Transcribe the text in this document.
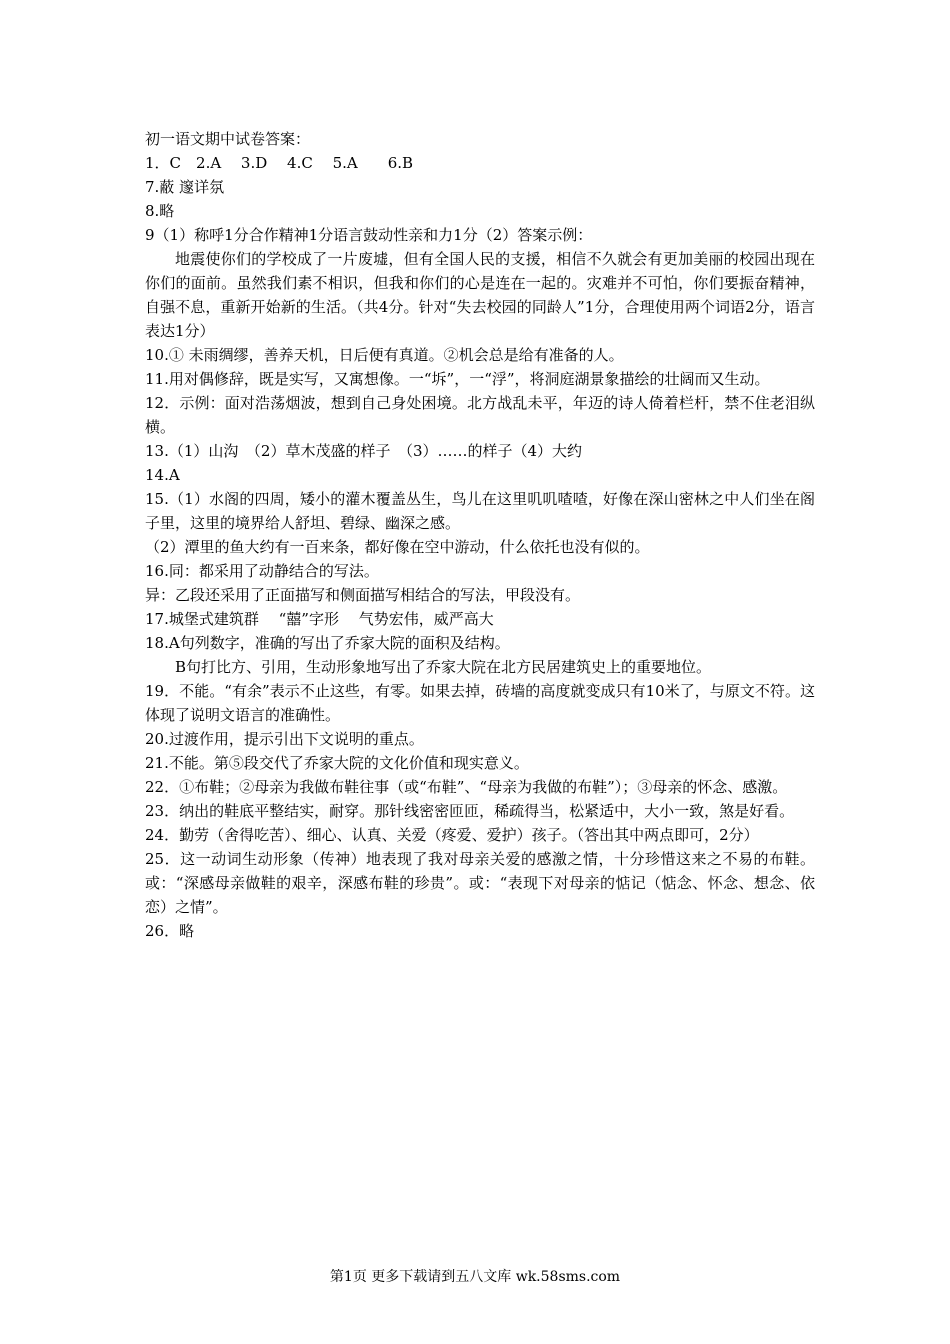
初一语文期中试卷答案：
1．C　2.A　 3.D　 4.C　 5.A　　6.B
7.蔽 邃详氛
8.略
9（1）称呼1分合作精神1分语言鼓动性亲和力1分（2）答案示例：
地震使你们的学校成了一片废墟，但有全国人民的支援，相信不久就会有更加美丽的校园出现在你们的面前。虽然我们素不相识，但我和你们的心是连在一起的。灾难并不可怕，你们要振奋精神，自强不息，重新开始新的生活。（共4分。针对“失去校园的同龄人”1分，合理使用两个词语2分，语言表达1分）
10.① 未雨绸缪，善养天机，日后便有真道。②机会总是给有准备的人。
11.用对偶修辞，既是实写，又寓想像。一“坼”，一“浮”，将洞庭湖景象描绘的壮阔而又生动。
12．示例：面对浩荡烟波，想到自己身处困境。北方战乱未平，年迈的诗人倚着栏杆，禁不住老泪纵横。
13.（1）山沟　（2）草木茂盛的样子　（3）……的样子（4）大约
14.A
15.（1）水阁的四周，矮小的灌木覆盖丛生，鸟儿在这里叽叽喳喳，好像在深山密林之中人们坐在阁子里，这里的境界给人舒坦、碧绿、幽深之感。
（2）潭里的鱼大约有一百来条，都好像在空中游动，什么依托也没有似的。
16.同：都采用了动静结合的写法。
异：乙段还采用了正面描写和侧面描写相结合的写法，甲段没有。
17.城堡式建筑群　 “囍”字形　 气势宏伟，威严高大
18.A句列数字，准确的写出了乔家大院的面积及结构。
B句打比方、引用，生动形象地写出了乔家大院在北方民居建筑史上的重要地位。
19．不能。“有余”表示不止这些，有零。如果去掉，砖墙的高度就变成只有10米了，与原文不符。这体现了说明文语言的准确性。
20.过渡作用，提示引出下文说明的重点。
21.不能。第⑤段交代了乔家大院的文化价值和现实意义。
22．①布鞋；②母亲为我做布鞋往事（或“布鞋”、“母亲为我做的布鞋”）；③母亲的怀念、感激。
23．纳出的鞋底平整结实，耐穿。那针线密密匝匝，稀疏得当，松紧适中，大小一致，煞是好看。
24．勤劳（舍得吃苦）、细心、认真、关爱（疼爱、爱护）孩子。（答出其中两点即可，2分）
25．这一动词生动形象（传神）地表现了我对母亲关爱的感激之情，十分珍惜这来之不易的布鞋。或：“深感母亲做鞋的艰辛，深感布鞋的珍贵”。或：“表现下对母亲的惦记（惦念、怀念、想念、依恋）之情”。
26．略
第1页 更多下载请到五八文库 wk.58sms.com
